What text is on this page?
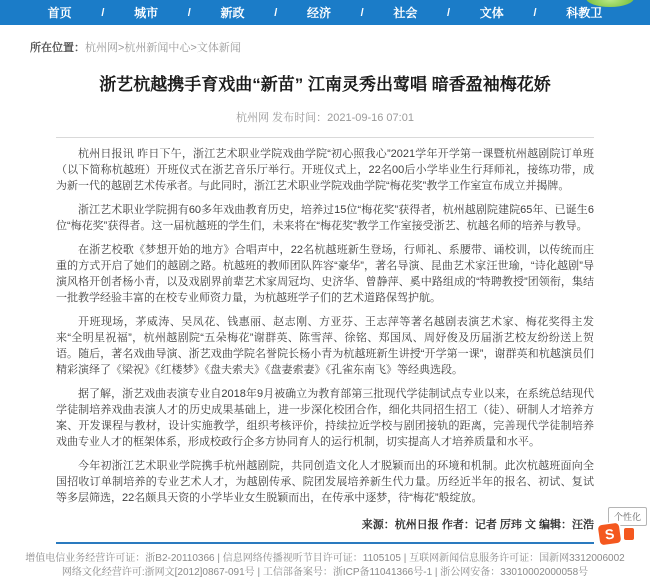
首页	/ 城市	/ 新政	/ 经济	/ 社会	/ 文体	/ 科教卫
所在位置：杭州网>杭州新闻中心>文体新闻
浙艺杭越携手育戏曲“新苗” 江南灵秀出莺唱 暗香盈袖梅花娇
杭州网 发布时间：2021-09-16 07:01

杭州日报讯 昨日下午，浙江艺术职业学院戏曲学院“初心照我心”2021学年开学第一课暨杭州越剧院订单班（以下简称杭越班）开班仪式在浙艺音乐厅举行。开班仪式上，22名00后小学毕业生行拜师礼，接练功带，成为新一代的越剧艺术传承者。与此同时，浙江艺术职业学院戏曲学院“梅花奖”教学工作室宣布成立并揭牌。

浙江艺术职业学院拥有60多年戏曲教育历史，培养过15位“梅花奖”获得者，杭州越剧院建院65年、已诞生6位“梅花奖”获得者。这一届杭越班的学生们，未来将在“梅花奖”教学工作室接受浙艺、杭越名师的培养与教导。

在浙艺校歌《梦想开始的地方》合唱声中，22名杭越班新生登场，行师礼、系腰带、诵校训，以传统而庄重的方式开启了她们的越剧之路。杭越班的教师团队阵容“豪华”，著名导演、昆曲艺术家汪世瑜，“诗化越剧”导演风格开创者杨小青，以及戏剧界前辈艺术家周冠均、史济华、曾静萍、奚中路组成的“特聘教授”团领衔，集结一批教学经验丰富的在校专业师资力量，为杭越班学子们的艺术道路保驾护航。

开班现场，茅威涛、吴凤花、钱惠丽、赵志刚、方亚芬、王志萍等著名越剧表演艺术家、梅花奖得主发来“全明星祝福”，杭州越剧院“五朵梅花”谢群英、陈雪萍、徐铭、郑国凤、周妤俊及历届浙艺校友纷纷送上贺语。随后，著名戏曲导演、浙艺戏曲学院名誉院长杨小青为杭越班新生讲授“开学第一课”，谢群英和杭越演员们精彩演绎了《梁祝》《红楼梦》《盘夫索夫》《盘妻索妻》《孔雀东南飞》等经典选段。

据了解，浙艺戏曲表演专业自2018年9月被确立为教育部第三批现代学徒制试点专业以来，在系统总结现代学徒制培养戏曲表演人才的历史成果基础上，进一步深化校团合作，细化共同招生招工（徒）、研制人才培养方案、开发课程与教材，设计实施教学，组织考核评价，持续拉近学校与剧团接轨的距离，完善现代学徒制培养戏曲专业人才的框架体系，形成校政行企多方协同育人的运行机制，切实提高人才培养质量和水平。

今年初浙江艺术职业学院携手杭州越剧院，共同创造文化人才脱颖而出的环境和机制。此次杭越班面向全国招收订单制培养的专业艺术人才，为越剧传承、院团发展培养新生代力量。历经近半年的报名、初试、复试等多层筛选，22名颇具天资的小学毕业女生脱颖而出，在传承中逐梦，待“梅花”般绽放。

来源：杭州日报 作者：记者 厉玮 文 编辑：汪浩
增值电信业务经营许可证：浙B2-20110366 | 信息网络传播视听节目许可证：1105105 | 互联网新闻信息服务许可证：国新网3312006002
网络文化经营许可:浙网文[2012]0867-091号 | 工信部备案号：浙ICP备11041366号-1 | 浙公网安备：33010002000058号
个性化
S
